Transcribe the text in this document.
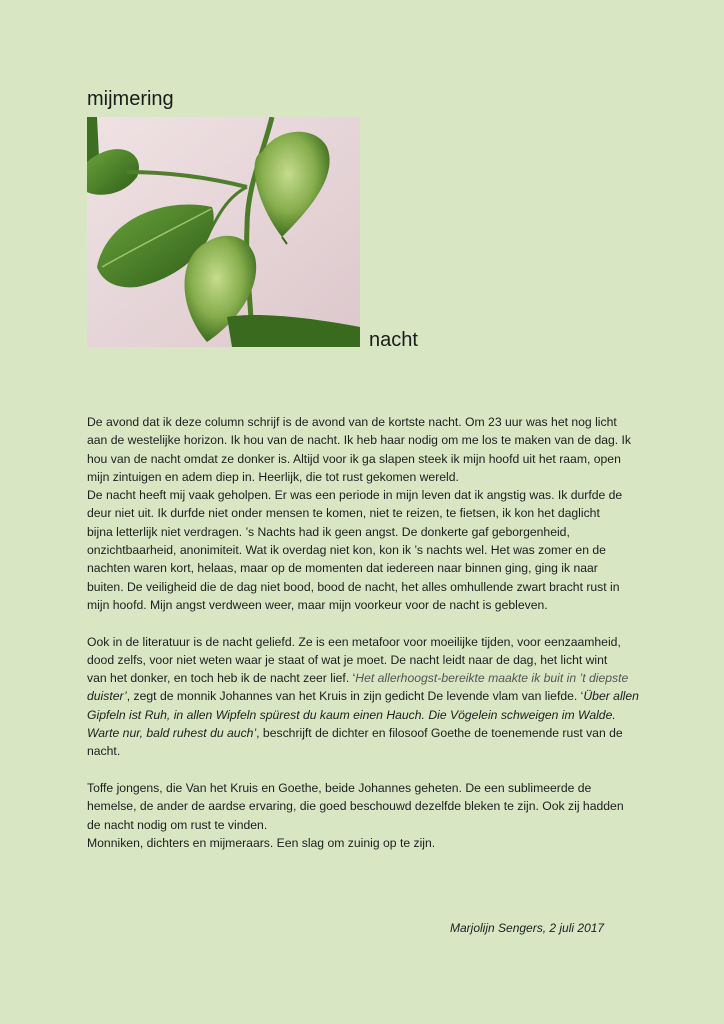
mijmering
nacht

De avond dat ik deze column schrijf is de avond van de kortste nacht. Om 23 uur was het nog licht

aan de westelijke horizon. Ik hou van de nacht. Ik heb haar nodig om me los te maken van de dag. Ik

hou van de nacht omdat ze donker is. Altijd voor ik ga slapen steek ik mijn hoofd uit het raam, open

mijn zintuigen en adem diep in. Heerlijk, die tot rust gekomen wereld.

De nacht heeft mij vaak geholpen. Er was een periode in mijn leven dat ik angstig was. Ik durfde de

deur niet uit. Ik durfde niet onder mensen te komen, niet te reizen, te fietsen, ik kon het daglicht

bijna letterlijk niet verdragen. ’s Nachts had ik geen angst. De donkerte gaf geborgenheid,

onzichtbaarheid, anonimiteit. Wat ik overdag niet kon, kon ik ’s nachts wel. Het was zomer en de

nachten waren kort, helaas, maar op de momenten dat iedereen naar binnen ging, ging ik naar

buiten. De veiligheid die de dag niet bood, bood de nacht, het alles omhullende zwart bracht rust in

mijn hoofd. Mijn angst verdween weer, maar mijn voorkeur voor de nacht is gebleven.

Ook in de literatuur is de nacht geliefd. Ze is een metafoor voor moeilijke tijden, voor eenzaamheid,

dood zelfs, voor niet weten waar je staat of wat je moet. De nacht leidt naar de dag, het licht wint

van het donker, en toch heb ik de nacht zeer lief. ‘Het allerhoogst-bereikte maakte ik buit in ’t diepste

duister’, zegt de monnik Johannes van het Kruis in zijn gedicht De levende vlam van liefde. ‘Über allen

Gipfeln ist Ruh, in allen Wipfeln spürest du kaum einen Hauch. Die Vögelein schweigen im Walde.

Warte nur, bald ruhest du auch’, beschrijft de dichter en filosoof Goethe de toenemende rust van de

nacht.

Toffe jongens, die Van het Kruis en Goethe, beide Johannes geheten. De een sublimeerde de

hemelse, de ander de aardse ervaring, die goed beschouwd dezelfde bleken te zijn. Ook zij hadden

de nacht nodig om rust te vinden.

Monniken, dichters en mijmeraars. Een slag om zuinig op te zijn.

Marjolijn Sengers, 2 juli 2017
